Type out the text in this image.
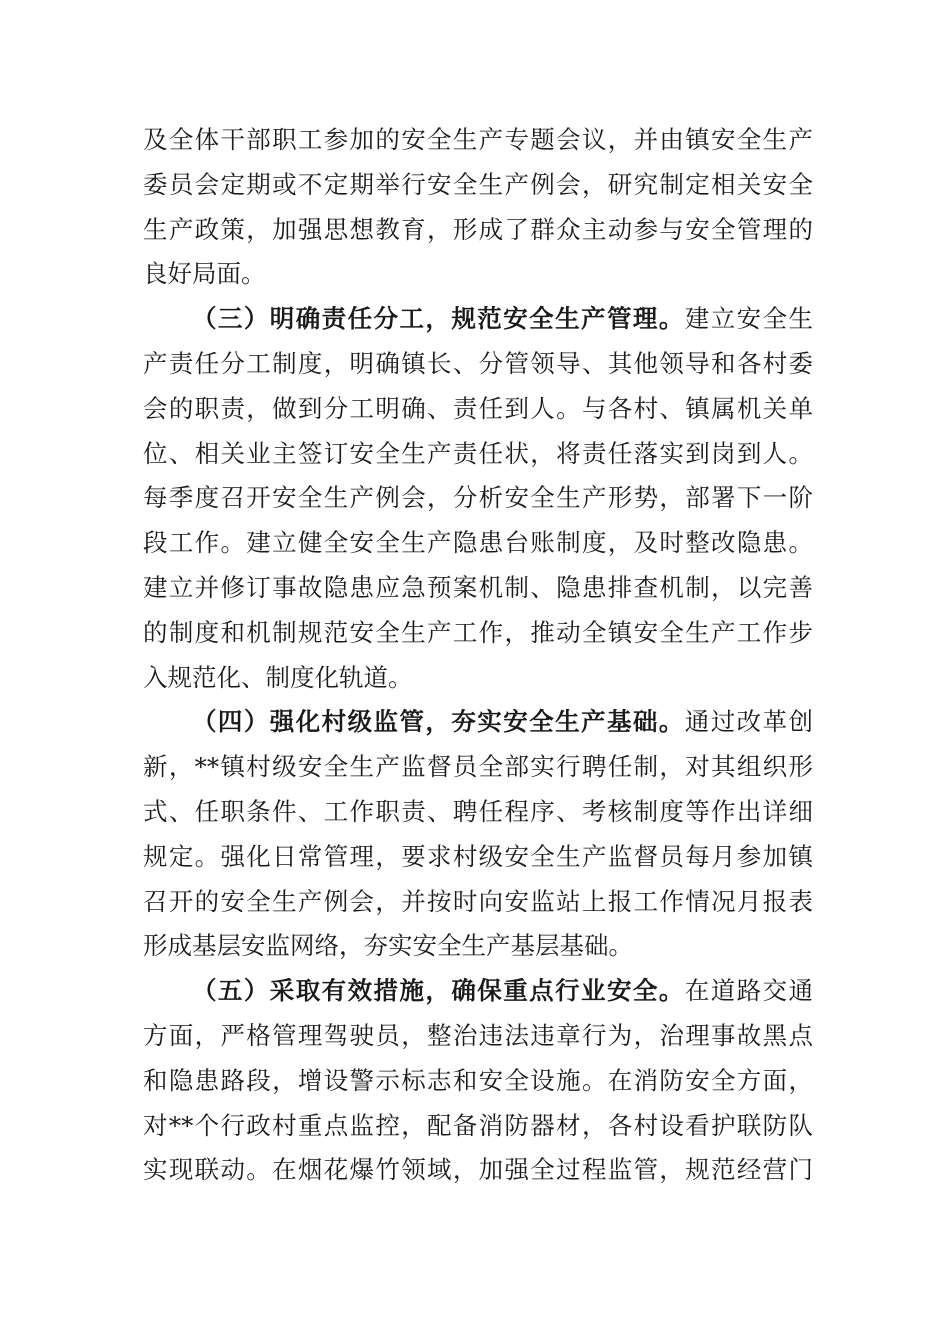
及全体干部职工参加的安全生产专题会议，并由镇安全生产
委员会定期或不定期举行安全生产例会，研究制定相关安全
生产政策，加强思想教育，形成了群众主动参与安全管理的
良好局面。
（三）明确责任分工，规范安全生产管理。建立安全生
产责任分工制度，明确镇长、分管领导、其他领导和各村委
会的职责，做到分工明确、责任到人。与各村、镇属机关单
位、相关业主签订安全生产责任状，将责任落实到岗到人。
每季度召开安全生产例会，分析安全生产形势，部署下一阶
段工作。建立健全安全生产隐患台账制度，及时整改隐患。
建立并修订事故隐患应急预案机制、隐患排查机制，以完善
的制度和机制规范安全生产工作，推动全镇安全生产工作步
入规范化、制度化轨道。
（四）强化村级监管，夯实安全生产基础。通过改革创
新，**镇村级安全生产监督员全部实行聘任制，对其组织形
式、任职条件、工作职责、聘任程序、考核制度等作出详细
规定。强化日常管理，要求村级安全生产监督员每月参加镇
召开的安全生产例会，并按时向安监站上报工作情况月报表
形成基层安监网络，夯实安全生产基层基础。
（五）采取有效措施，确保重点行业安全。在道路交通
方面，严格管理驾驶员，整治违法违章行为，治理事故黑点
和隐患路段，增设警示标志和安全设施。在消防安全方面，
对**个行政村重点监控，配备消防器材，各村设看护联防队
实现联动。在烟花爆竹领域，加强全过程监管，规范经营门
